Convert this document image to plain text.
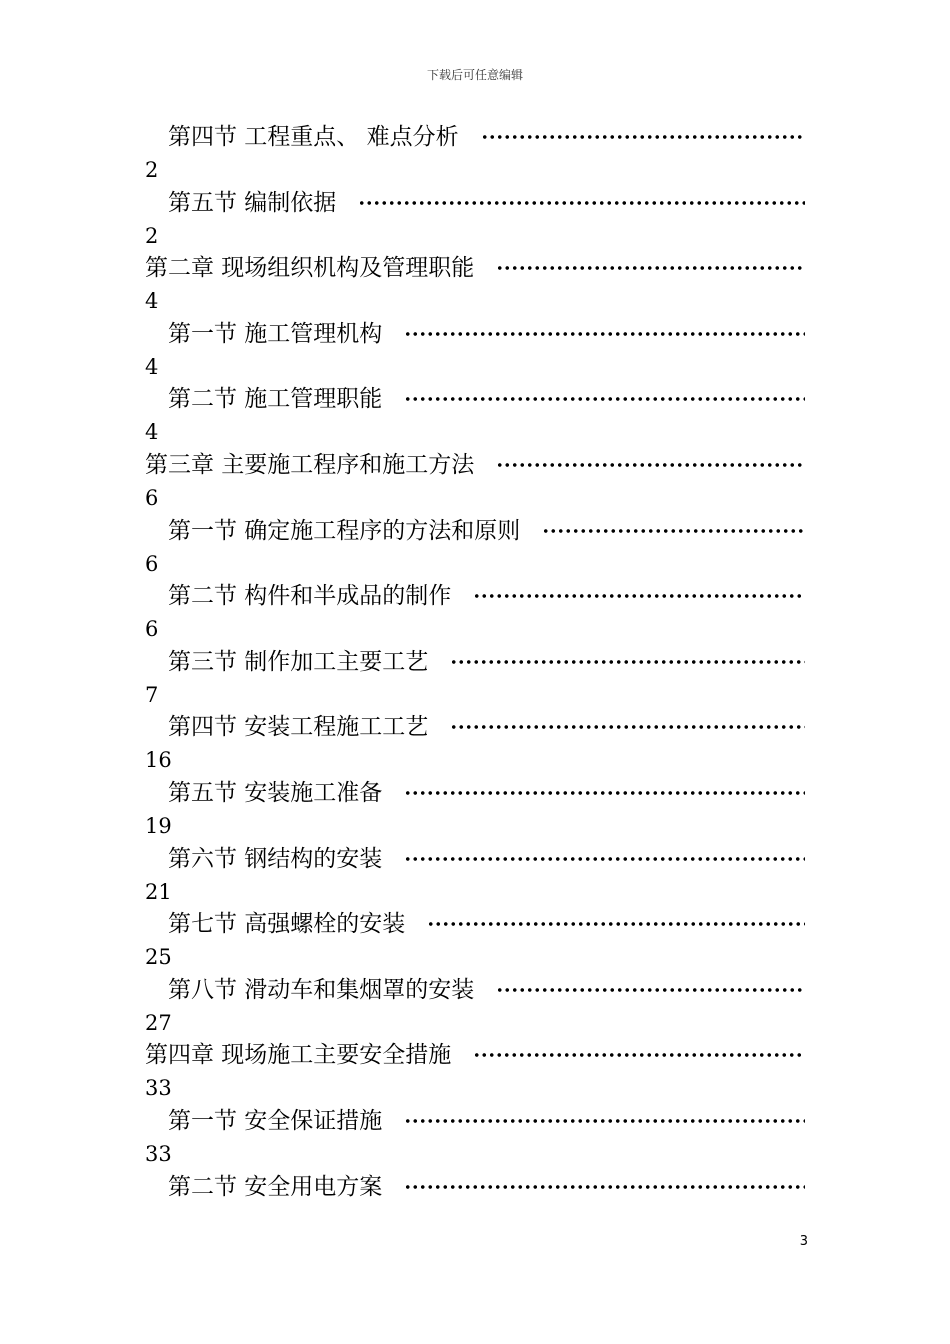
下载后可任意编辑
第四节 工程重点、 难点分析
2
第五节 编制依据
2
第二章 现场组织机构及管理职能
4
第一节 施工管理机构
4
第二节 施工管理职能
4
第三章 主要施工程序和施工方法
6
第一节 确定施工程序的方法和原则
6
第二节 构件和半成品的制作
6
第三节 制作加工主要工艺
7
第四节 安装工程施工工艺
16
第五节 安装施工准备
19
第六节 钢结构的安装
21
第七节 高强螺栓的安装
25
第八节 滑动车和集烟罩的安装
27
第四章 现场施工主要安全措施
33
第一节 安全保证措施
33
第二节 安全用电方案
3
